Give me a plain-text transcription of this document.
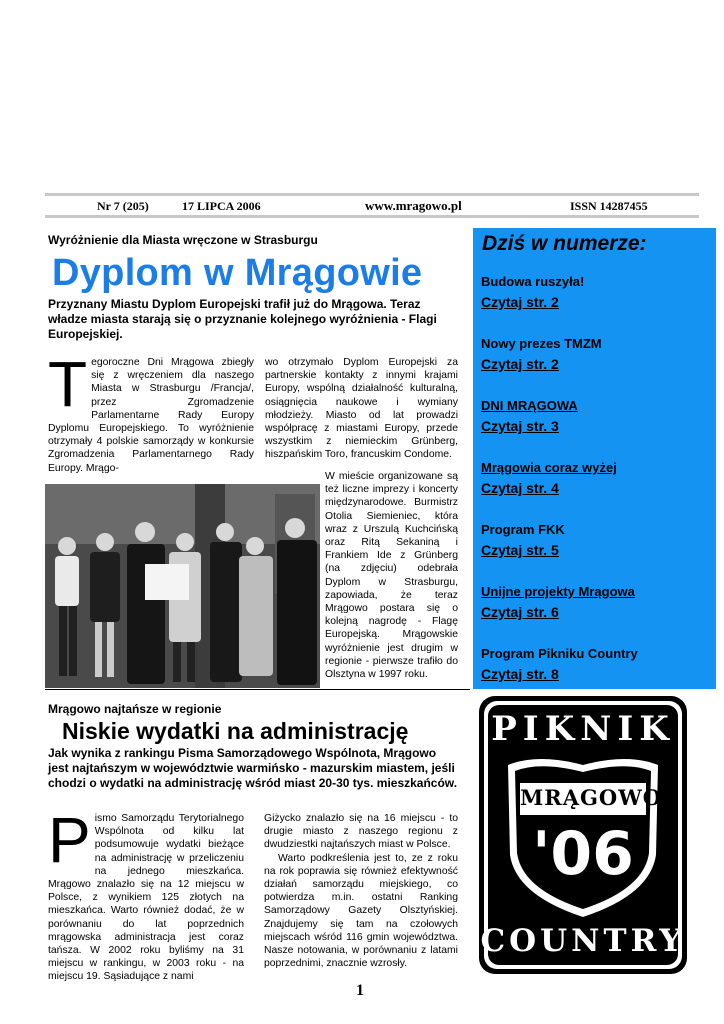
Nr 7 (205)	17 LIPCA 2006	www.mragowo.pl	ISSN 14287455
Wyróżnienie dla Miasta wręczone w Strasburgu
Dyplom w Mrągowie

Przyznany Miastu Dyplom Europejski trafił już do Mrągowa. Teraz władze miasta starają się o przyznanie kolejnego wyróżnienia - Flagi Europejskiej.

T egoroczne Dni Mrągowa zbiegły się z wręczeniem dla naszego Miasta w Strasburgu /Francja/, przez Zgromadzenie Parlamentarne Rady Europy Dyplomu Europejskiego. To wyróżnienie otrzymały 4 polskie samorządy w konkursie Zgromadzenia Parlamentarnego Rady Europy. Mrągo-

wo otrzymało Dyplom Europejski za partnerskie kontakty z innymi krajami Europy, wspólną działalność kulturalną, osiągnięcia naukowe i wymiany młodzieży. Miasto od lat prowadzi współpracę z miastami Europy, przede wszystkim z niemieckim Grünberg, hiszpańskim Toro, francuskim Condome.

W mieście organizowane są też liczne imprezy i koncerty międzynarodowe. Burmistrz Otolia Siemieniec, która wraz z Urszulą Kuchcińską oraz Ritą Sekaniną i Frankiem Ide z Grünberg (na zdjęciu) odebrała Dyplom w Strasburgu, zapowiada, że teraz Mrągowo postara się o kolejną nagrodę - Flagę Europejską. Mrągowskie wyróżnienie jest drugim w regionie - pierwsze trafiło do Olsztyna w 1997 roku.

Mrągowo najtańsze w regionie
Niskie wydatki na administrację

Jak wynika z rankingu Pisma Samorządowego Wspólnota, Mrągowo jest najtańszym w województwie warmińsko - mazurskim miastem, jeśli chodzi o wydatki na administrację wśród miast 20-30 tys. mieszkańców.

P ismo Samorządu Terytorialnego Wspólnota od kilku lat podsumowuje wydatki bieżące na administrację w przeliczeniu na jednego mieszkańca. Mrągowo znalazło się na 12 miejscu w Polsce, z wynikiem 125 złotych na mieszkańca. Warto również dodać, że w porównaniu do lat poprzednich mrągowska administracja jest coraz tańsza. W 2002 roku byliśmy na 31 miejscu w rankingu, w 2003 roku - na miejscu 19. Sąsiadujące z nami
Giżycko znalazło się na 16 miejscu - to drugie miasto z naszego regionu z dwudziestki najtańszych miast w Polsce.
Warto podkreślenia jest to, ze z roku na rok poprawia się również efektywność działań samorządu miejskiego, co potwierdza m.in. ostatni Ranking Samorządowy Gazety Olsztyńskiej. Znajdujemy się tam na czołowych miejscach wśród 116 gmin województwa. Nasze notowania, w porównaniu z latami poprzednimi, znacznie wzrosły.
Dziś w numerze:
Budowa ruszyła!
Czytaj str. 2
Nowy prezes TMZM
Czytaj str. 2
DNI MRĄGOWA
Czytaj str. 3
Mrągowia coraz wyżej
Czytaj str. 4
Program FKK
Czytaj str. 5
Unijne projekty Mrągowa
Czytaj str. 6
Program Pikniku Country
Czytaj str. 8
PIKNIK
MRĄGOWO
'06
COUNTRY
1
